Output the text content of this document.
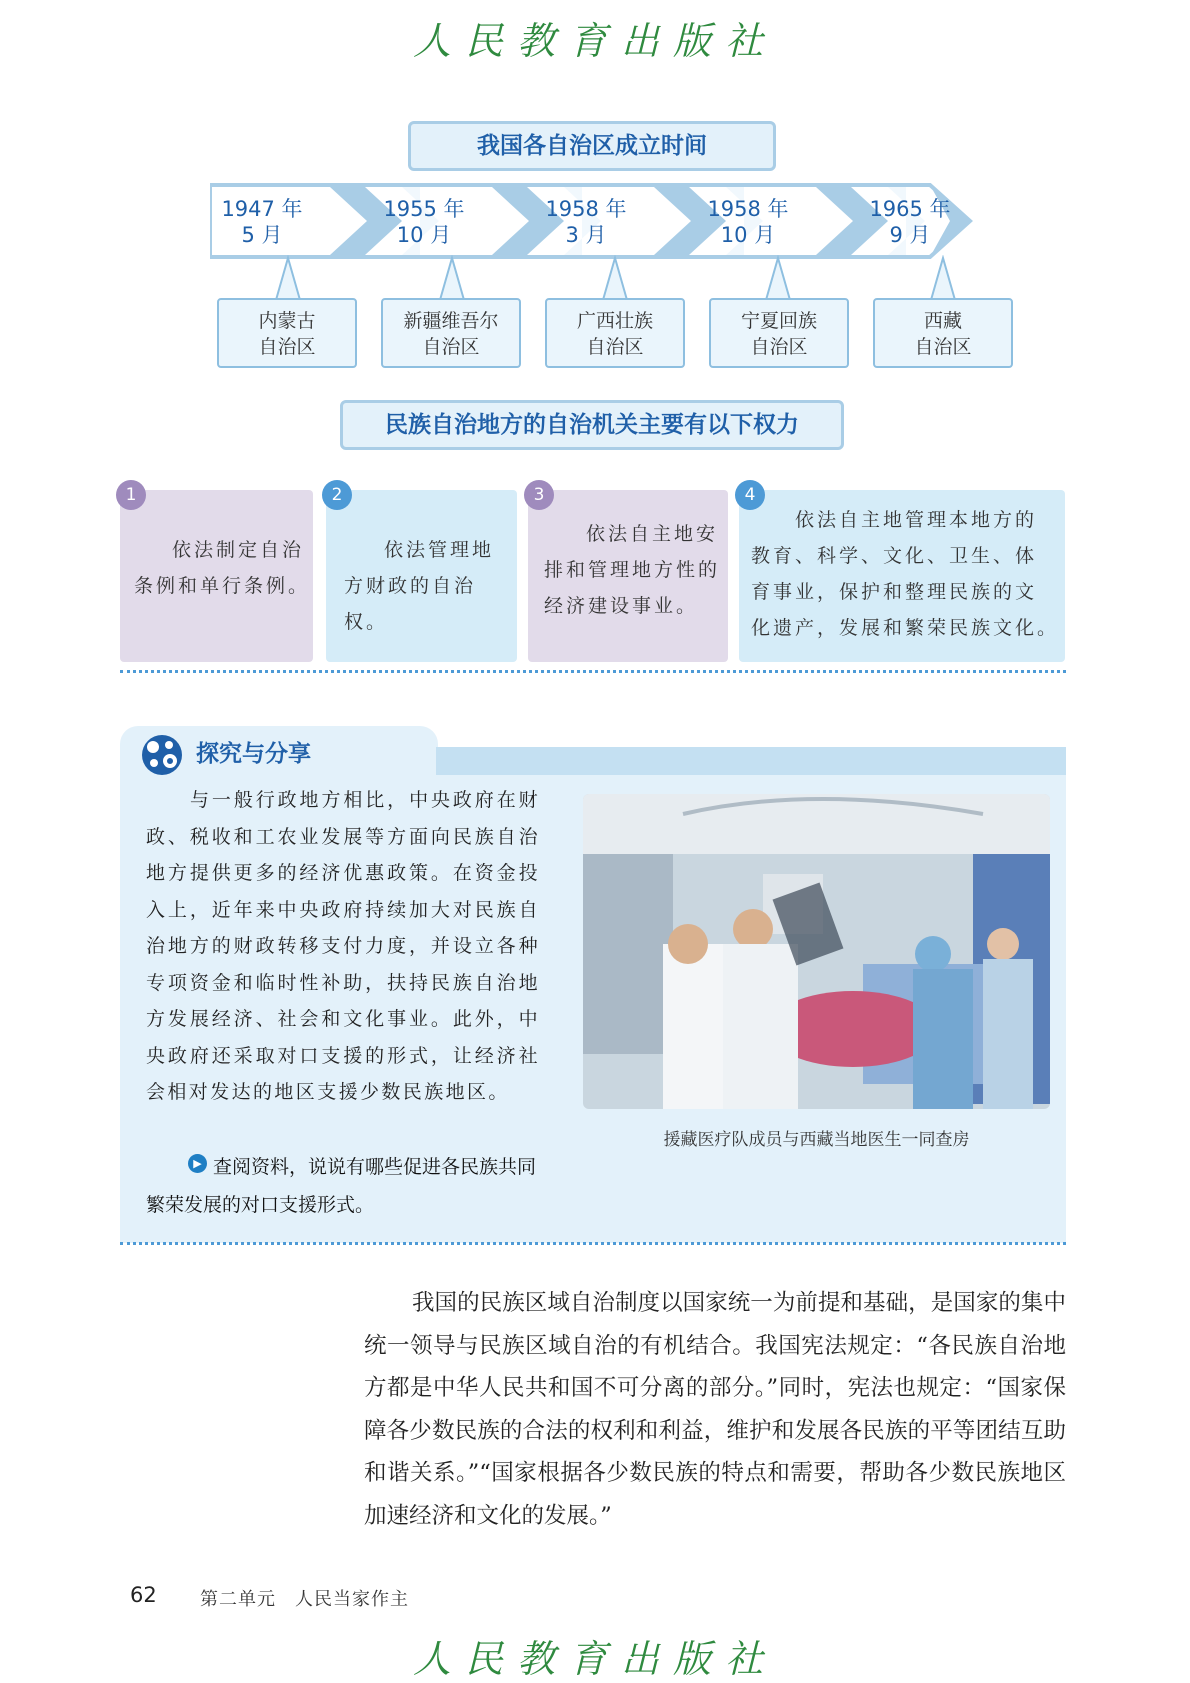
人民教育出版社
我国各自治区成立时间
1947 年
5 月
1955 年
10 月
1958 年
3 月
1958 年
10 月
1965 年
9 月
内蒙古
自治区
新疆维吾尔
自治区
广西壮族
自治区
宁夏回族
自治区
西藏
自治区
民族自治地方的自治机关主要有以下权力
1
依法制定自治
条例和单行条例。
2
依法管理地
方财政的自治权。
3
依法自主地安
排和管理地方性的
经济建设事业。
4
依法自主地管理本地方的
教育、科学、文化、卫生、体
育事业，保护和整理民族的文
化遗产，发展和繁荣民族文化。
探究与分享
与一般行政地方相比，中央政府在财政、税收和工农业发展等方面向民族自治地方提供更多的经济优惠政策。在资金投入上，近年来中央政府持续加大对民族自治地方的财政转移支付力度，并设立各种专项资金和临时性补助，扶持民族自治地方发展经济、社会和文化事业。此外，中央政府还采取对口支援的形式，让经济社会相对发达的地区支援少数民族地区。
▶ 查阅资料，说说有哪些促进各民族共同繁荣发展的对口支援形式。
援藏医疗队成员与西藏当地医生一同查房
我国的民族区域自治制度以国家统一为前提和基础，是国家的集中统一领导与民族区域自治的有机结合。我国宪法规定：“各民族自治地方都是中华人民共和国不可分离的部分。”同时，宪法也规定：“国家保障各少数民族的合法的权利和利益，维护和发展各民族的平等团结互助和谐关系。”“国家根据各少数民族的特点和需要，帮助各少数民族地区加速经济和文化的发展。”
62 第二单元　人民当家作主
人民教育出版社
